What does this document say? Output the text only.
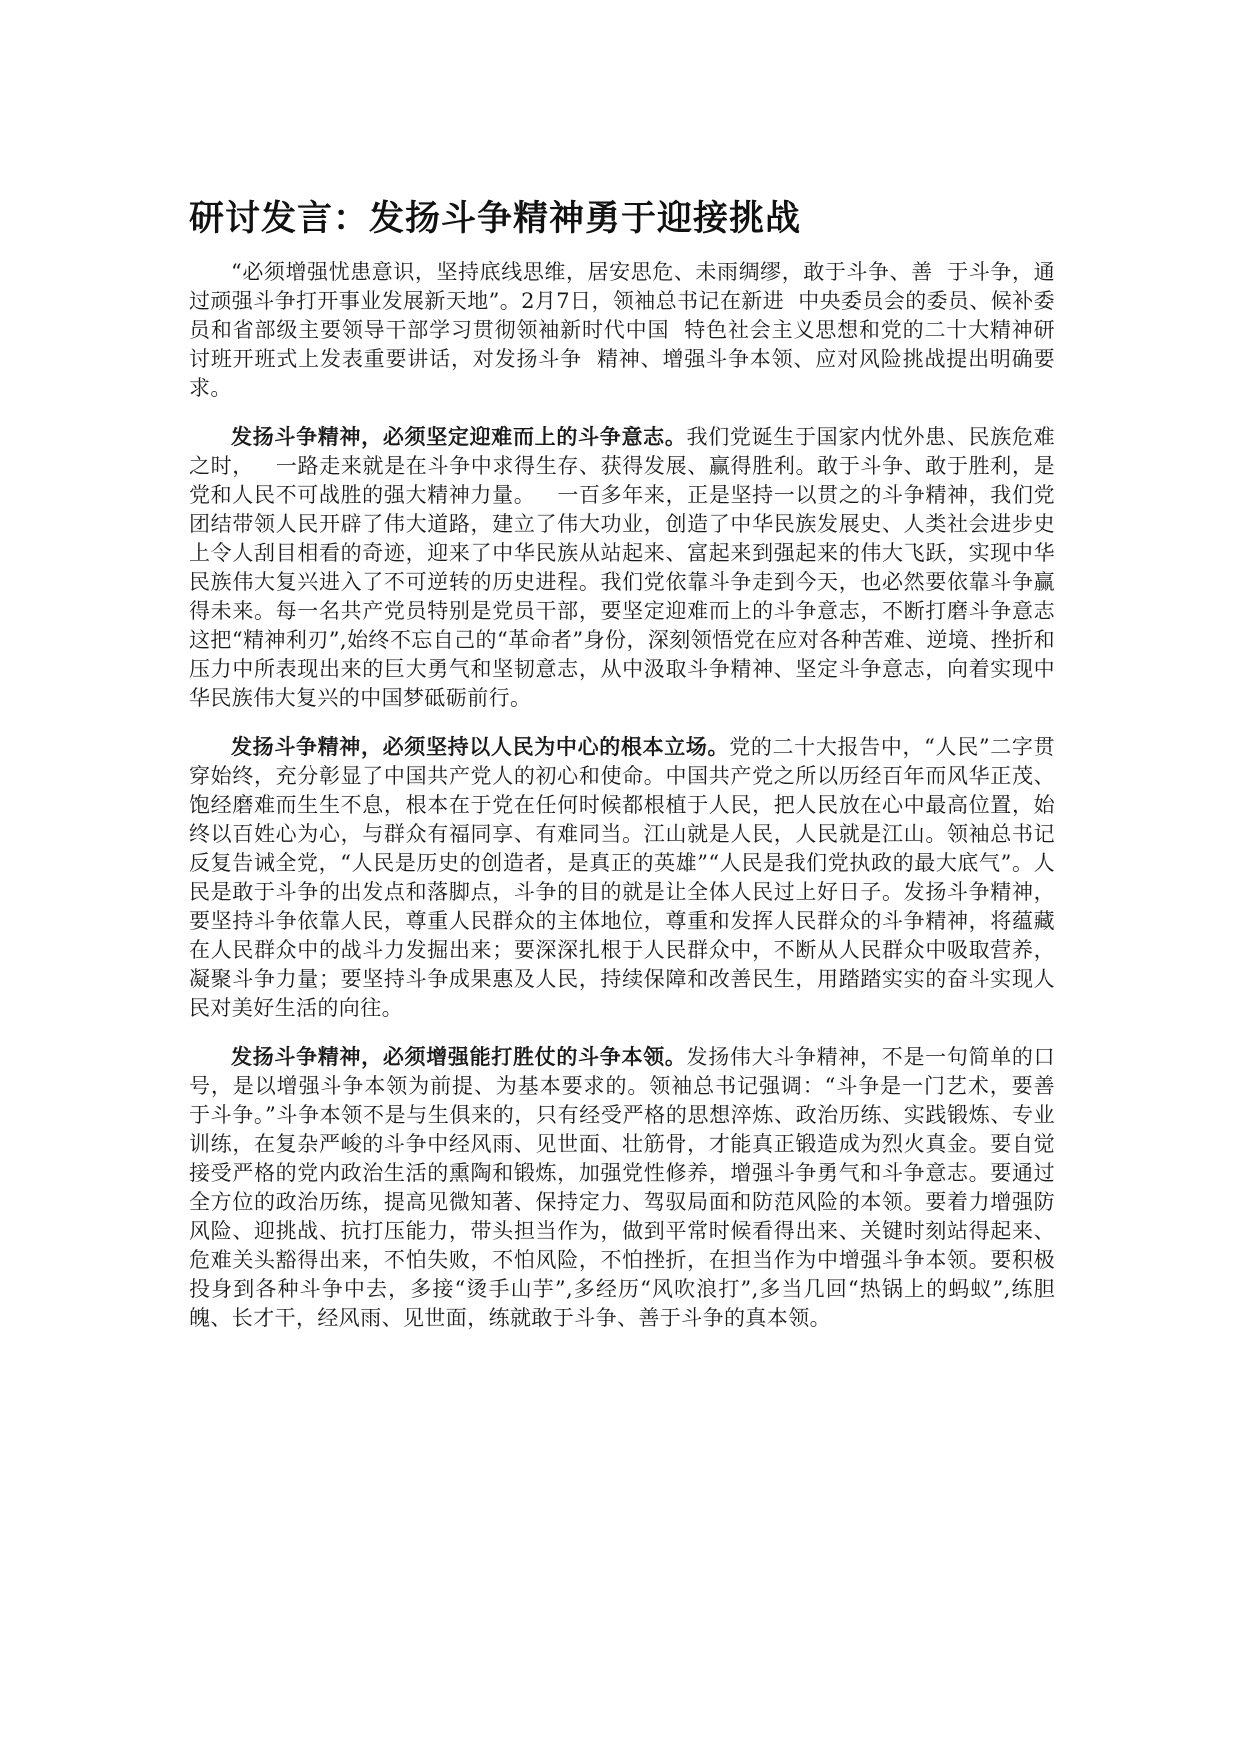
研讨发言：发扬斗争精神勇于迎接挑战

“必须增强忧患意识，坚持底线思维，居安思危、未雨绸缪，敢于斗争、善  于斗争，通过顽强斗争打开事业发展新天地”。2月7日，领袖总书记在新进  中央委员会的委员、候补委员和省部级主要领导干部学习贯彻领袖新时代中国  特色社会主义思想和党的二十大精神研讨班开班式上发表重要讲话，对发扬斗争  精神、增强斗争本领、应对风险挑战提出明确要求。

发扬斗争精神，必须坚定迎难而上的斗争意志。我们党诞生于国家内忧外患、民族危难之时，   一路走来就是在斗争中求得生存、获得发展、赢得胜利。敢于斗争、敢于胜利，是党和人民不可战胜的强大精神力量。   一百多年来，正是坚持一以贯之的斗争精神，我们党团结带领人民开辟了伟大道路，建立了伟大功业，创造了中华民族发展史、人类社会进步史上令人刮目相看的奇迹，迎来了中华民族从站起来、富起来到强起来的伟大飞跃，实现中华民族伟大复兴进入了不可逆转的历史进程。我们党依靠斗争走到今天，也必然要依靠斗争赢得未来。每一名共产党员特别是党员干部，要坚定迎难而上的斗争意志，不断打磨斗争意志这把“精神利刃”,始终不忘自己的“革命者”身份，深刻领悟党在应对各种苦难、逆境、挫折和压力中所表现出来的巨大勇气和坚韧意志，从中汲取斗争精神、坚定斗争意志，向着实现中华民族伟大复兴的中国梦砥砺前行。

发扬斗争精神，必须坚持以人民为中心的根本立场。党的二十大报告中，“人民”二字贯穿始终，充分彰显了中国共产党人的初心和使命。中国共产党之所以历经百年而风华正茂、饱经磨难而生生不息，根本在于党在任何时候都根植于人民，把人民放在心中最高位置，始终以百姓心为心，与群众有福同享、有难同当。江山就是人民，人民就是江山。领袖总书记反复告诫全党，“人民是历史的创造者，是真正的英雄”“人民是我们党执政的最大底气”。人民是敢于斗争的出发点和落脚点，斗争的目的就是让全体人民过上好日子。发扬斗争精神，要坚持斗争依靠人民，尊重人民群众的主体地位，尊重和发挥人民群众的斗争精神，将蕴藏在人民群众中的战斗力发掘出来；要深深扎根于人民群众中，不断从人民群众中吸取营养，凝聚斗争力量；要坚持斗争成果惠及人民，持续保障和改善民生，用踏踏实实的奋斗实现人民对美好生活的向往。

发扬斗争精神，必须增强能打胜仗的斗争本领。发扬伟大斗争精神，不是一句简单的口号，是以增强斗争本领为前提、为基本要求的。领袖总书记强调：“斗争是一门艺术，要善于斗争。”斗争本领不是与生俱来的，只有经受严格的思想淬炼、政治历练、实践锻炼、专业训练，在复杂严峻的斗争中经风雨、见世面、壮筋骨，才能真正锻造成为烈火真金。要自觉接受严格的党内政治生活的熏陶和锻炼，加强党性修养，增强斗争勇气和斗争意志。要通过全方位的政治历练，提高见微知著、保持定力、驾驭局面和防范风险的本领。要着力增强防风险、迎挑战、抗打压能力，带头担当作为，做到平常时候看得出来、关键时刻站得起来、危难关头豁得出来，不怕失败，不怕风险，不怕挫折，在担当作为中增强斗争本领。要积极投身到各种斗争中去，多接“烫手山芋”,多经历“风吹浪打”,多当几回“热锅上的蚂蚁”,练胆魄、长才干，经风雨、见世面，练就敢于斗争、善于斗争的真本领。
